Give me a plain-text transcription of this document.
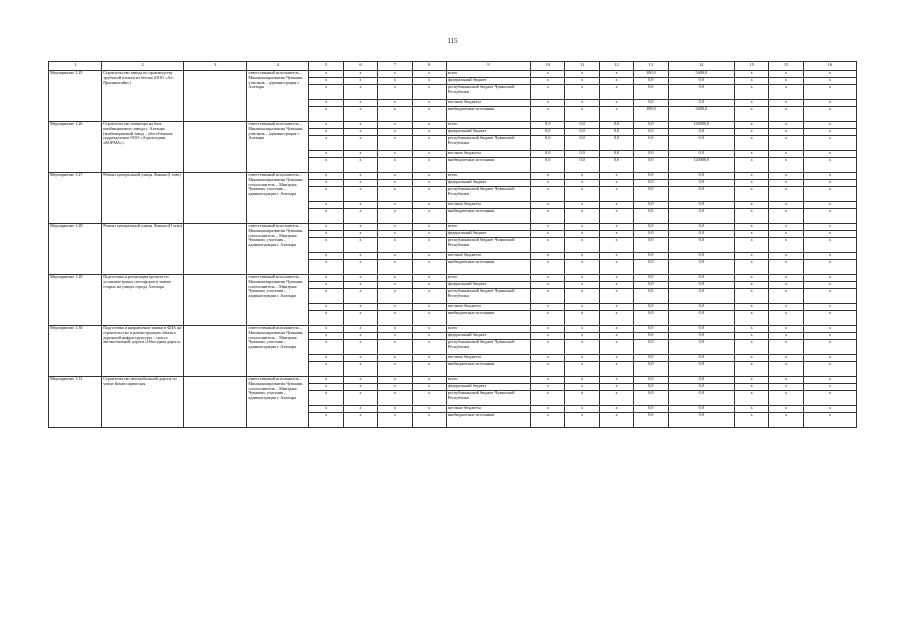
115
1	2	3	4	5	6	7	8	9	10	11	12	13	14	15	15	16
Мероприятие 1.25	Строительство завода по производству трубчатой плитки из бетона (ООО «Ал-Проимкатайн»)		ответственный исполнитель – Минэкономразвития Чувашии, участник – администрация г. Алатыря	x	x	x	x	всего	x	x	x	100,0	5400,0	x	x	x
				x	x	x	x	федеральный бюджет	x	x	x	0,0	0,0	x	x	x
				x	x	x	x	республиканский бюджет Чувашской Республики	x	x	x	0,0	0,0	x	x	x
				x	x	x	x	местные бюджеты	x	x	x	0,0	0,0	x	x	x
				x	x	x	x	внебюджетные источники	x	x	x	100,0	5400,0	x	x	x
Мероприятие 1.26	Строительство элеватора на базе комбикормового завода г. Алатырь (комбикормовый завод – обособленное подразделение ООО «Агрохолдинг «КОРМА»)		ответственный исполнитель – Минэкономразвития Чувашии, участник – администрация г. Алатыря	x	x	x	x	всего	0,0	0,0	0,0	0,0	120000,0	x	x	x
				x	x	x	x	федеральный бюджет	0,0	0,0	0,0	0,0	0,0	x	x	x
				x	x	x	x	республиканский бюджет Чувашской Республики	0,0	0,0	0,0	0,0	0,0	x	x	x
				x	x	x	x	местные бюджеты	0,0	0,0	0,0	0,0	0,0	x	x	x
				x	x	x	x	внебюджетные источники	0,0	0,0	0,0	0,0	120000,0	x	x	x
Мероприятие 1.27	Ремонт центральной улицы Ленина (I этап)		ответственный исполнитель – Минэкономразвития Чувашии, соисполнитель – Минтранс Чувашии, участник – администрация г. Алатыря	x	x	x	x	всего	x	x	x	0,0	0,0	x	x	x
				x	x	x	x	федеральный бюджет	x	x	x	0,0	0,0	x	x	x
				x	x	x	x	республиканский бюджет Чувашской Республики	x	x	x	0,0	0,0	x	x	x
				x	x	x	x	местные бюджеты	x	x	x	0,0	0,0	x	x	x
				x	x	x	x	внебюджетные источники	x	x	x	0,0	0,0	x	x	x
Мероприятие 1.28	Ремонт центральной улицы Ленина (II этап)		ответственный исполнитель – Минэкономразвития Чувашии, соисполнитель – Минтранс Чувашии, участник – администрация г. Алатыря	x	x	x	x	всего	x	x	x	0,0	0,0	x	x	x
				x	x	x	x	федеральный бюджет	x	x	x	0,0	0,0	x	x	x
				x	x	x	x	республиканский бюджет Чувашской Республики	x	x	x	0,0	0,0	x	x	x
				x	x	x	x	местные бюджеты	x	x	x	0,0	0,0	x	x	x
				x	x	x	x	внебюджетные источники	x	x	x	0,0	0,0	x	x	x
Мероприятие 1.29	Подготовка и реализация проекта по установке новых светофоров и замене старых на улицах города Алатыря		ответственный исполнитель – Минэкономразвития Чувашии, соисполнитель – Минтранс Чувашии, участник – администрация г. Алатыря	x	x	x	x	всего	x	x	x	0,0	0,0	x	x	x
				x	x	x	x	федеральный бюджет	x	x	x	0,0	0,0	x	x	x
				x	x	x	x	республиканский бюджет Чувашской Республики	x	x	x	0,0	0,0	x	x	x
				x	x	x	x	местные бюджеты	x	x	x	0,0	0,0	x	x	x
				x	x	x	x	внебюджетные источники	x	x	x	0,0	0,0	x	x	x
Мероприятие 1.30	Подготовка и направление заявки в ФДА на строительство и реконструкцию объекта дорожной инфраструктуры – трасса автомобильной дороги «Объездная дорога»		ответственный исполнитель – Минэкономразвития Чувашии, соисполнитель – Минтранс Чувашии, участник – администрация г. Алатыря	x	x	x	x	всего	x	x	x	0,0	0,0	x	x	x
				x	x	x	x	федеральный бюджет	x	x	x	0,0	0,0	x	x	x
				x	x	x	x	республиканский бюджет Чувашской Республики	x	x	x	0,0	0,0	x	x	x
				x	x	x	x	местные бюджеты	x	x	x	0,0	0,0	x	x	x
				x	x	x	x	внебюджетные источники	x	x	x	0,0	0,0	x	x	x
Мероприятие 1.31	Строительство автомобильной дороги по улице Комиссариатская		ответственный исполнитель – Минэкономразвития Чувашии, соисполнитель – Минтранс Чувашии, участник – администрация г. Алатыря	x	x	x	x	всего	x	x	x	0,0	0,0	x	x	x
				x	x	x	x	федеральный бюджет	x	x	x	0,0	0,0	x	x	x
				x	x	x	x	республиканский бюджет Чувашской Республики	x	x	x	0,0	0,0	x	x	x
				x	x	x	x	местные бюджеты	x	x	x	0,0	0,0	x	x	x
				x	x	x	x	внебюджетные источники	x	x	x	0,0	0,0	x	x	x
